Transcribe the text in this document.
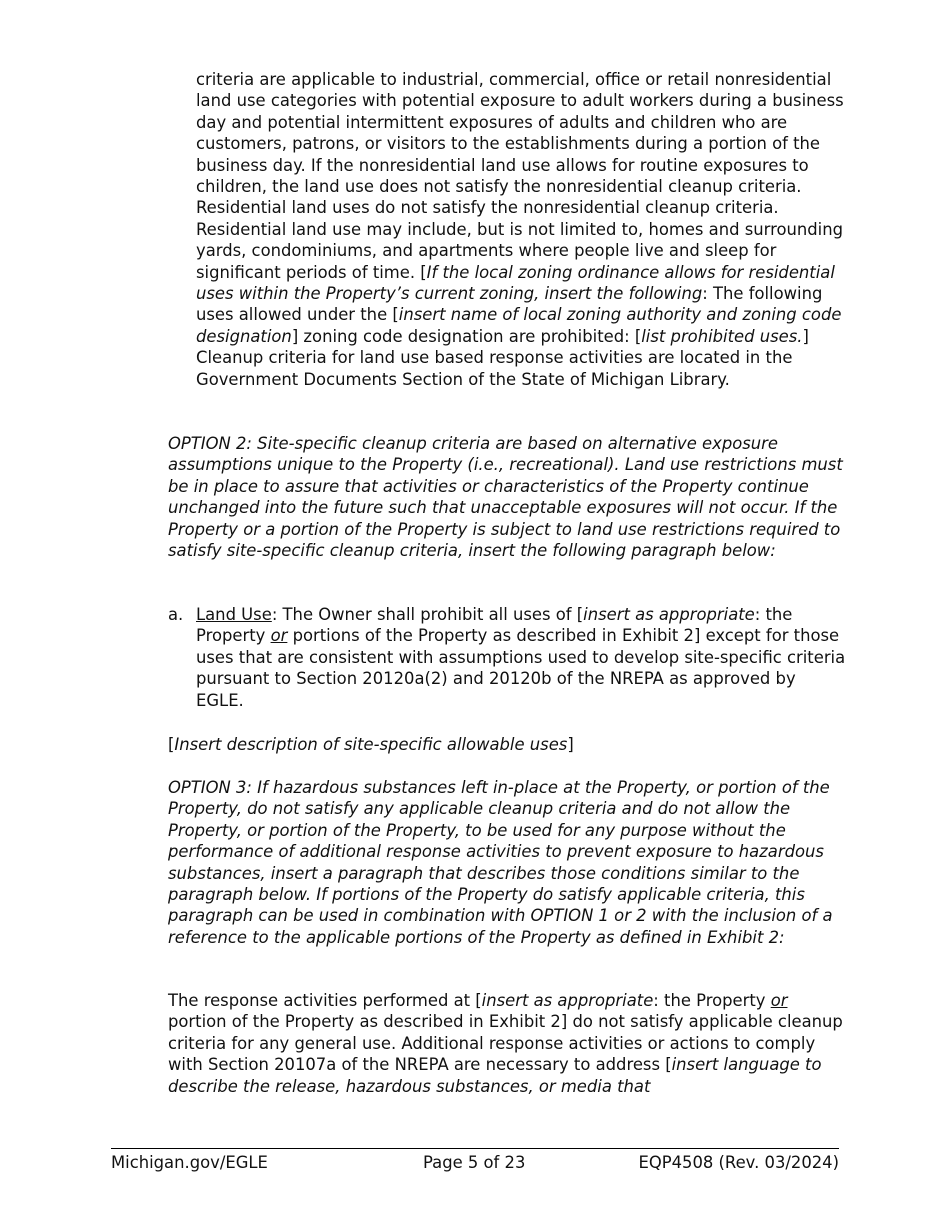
criteria are applicable to industrial, commercial, office or retail nonresidential land use categories with potential exposure to adult workers during a business day and potential intermittent exposures of adults and children who are customers, patrons, or visitors to the establishments during a portion of the business day. If the nonresidential land use allows for routine exposures to children, the land use does not satisfy the nonresidential cleanup criteria. Residential land uses do not satisfy the nonresidential cleanup criteria. Residential land use may include, but is not limited to, homes and surrounding yards, condominiums, and apartments where people live and sleep for significant periods of time. [If the local zoning ordinance allows for residential uses within the Property’s current zoning, insert the following: The following uses allowed under the [insert name of local zoning authority and zoning code designation] zoning code designation are prohibited: [list prohibited uses.] Cleanup criteria for land use based response activities are located in the Government Documents Section of the State of Michigan Library.

OPTION 2: Site-specific cleanup criteria are based on alternative exposure assumptions unique to the Property (i.e., recreational). Land use restrictions must be in place to assure that activities or characteristics of the Property continue unchanged into the future such that unacceptable exposures will not occur. If the Property or a portion of the Property is subject to land use restrictions required to satisfy site-specific cleanup criteria, insert the following paragraph below:

a. Land Use: The Owner shall prohibit all uses of [insert as appropriate: the Property or portions of the Property as described in Exhibit 2] except for those uses that are consistent with assumptions used to develop site-specific criteria pursuant to Section 20120a(2) and 20120b of the NREPA as approved by EGLE.

[Insert description of site-specific allowable uses]

OPTION 3: If hazardous substances left in-place at the Property, or portion of the Property, do not satisfy any applicable cleanup criteria and do not allow the Property, or portion of the Property, to be used for any purpose without the performance of additional response activities to prevent exposure to hazardous substances, insert a paragraph that describes those conditions similar to the paragraph below. If portions of the Property do satisfy applicable criteria, this paragraph can be used in combination with OPTION 1 or 2 with the inclusion of a reference to the applicable portions of the Property as defined in Exhibit 2:

The response activities performed at [insert as appropriate: the Property or portion of the Property as described in Exhibit 2] do not satisfy applicable cleanup criteria for any general use. Additional response activities or actions to comply with Section 20107a of the NREPA are necessary to address [insert language to describe the release, hazardous substances, or media that

Michigan.gov/EGLE	Page 5 of 23	EQP4508 (Rev. 03/2024)
